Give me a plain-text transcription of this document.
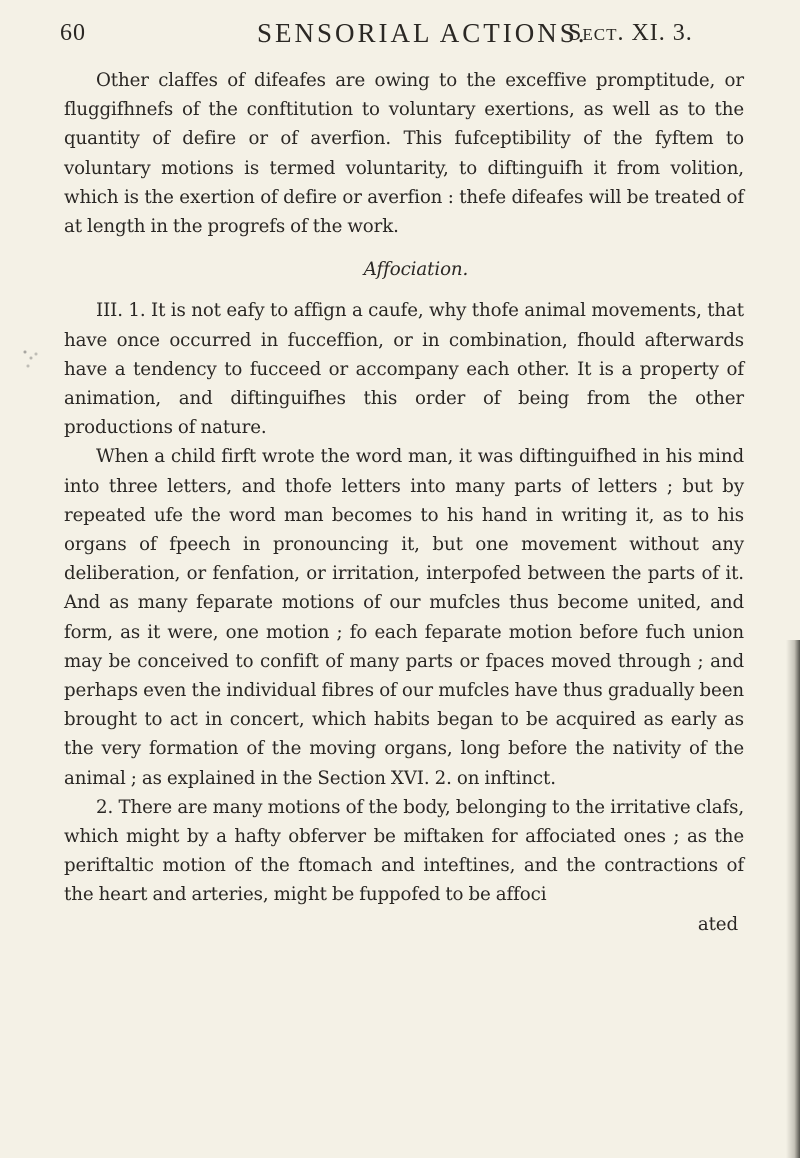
60	SENSORIAL ACTIONS.
Sect. XI. 3.

Other claffes of difeafes are owing to the exceffive promptitude, or fluggifhnefs of the conftitution to voluntary exertions, as well as to the quantity of defire or of averfion. This fufceptibility of the fyftem to voluntary motions is termed voluntarity, to diftinguifh it from volition, which is the exertion of defire or averfion : thefe difeafes will be treated of at length in the progrefs of the work.

Affociation.

III. 1. It is not eafy to affign a caufe, why thofe animal movements, that have once occurred in fucceffion, or in combination, fhould afterwards have a tendency to fucceed or accompany each other. It is a property of animation, and diftinguifhes this order of being from the other productions of nature.

When a child firft wrote the word man, it was diftinguifhed in his mind into three letters, and thofe letters into many parts of letters ; but by repeated ufe the word man becomes to his hand in writing it, as to his organs of fpeech in pronouncing it, but one movement without any deliberation, or fenfation, or irritation, interpofed between the parts of it. And as many feparate motions of our mufcles thus become united, and form, as it were, one motion ; fo each feparate motion before fuch union may be conceived to confift of many parts or fpaces moved through ; and perhaps even the individual fibres of our mufcles have thus gradually been brought to act in concert, which habits began to be acquired as early as the very formation of the moving organs, long before the nativity of the animal ; as explained in the Section XVI. 2. on inftinct.

2. There are many motions of the body, belonging to the irritative clafs, which might by a hafty obferver be miftaken for affociated ones ; as the periftaltic motion of the ftomach and inteftines, and the contractions of the heart and arteries, might be fuppofed to be affoci

ated
